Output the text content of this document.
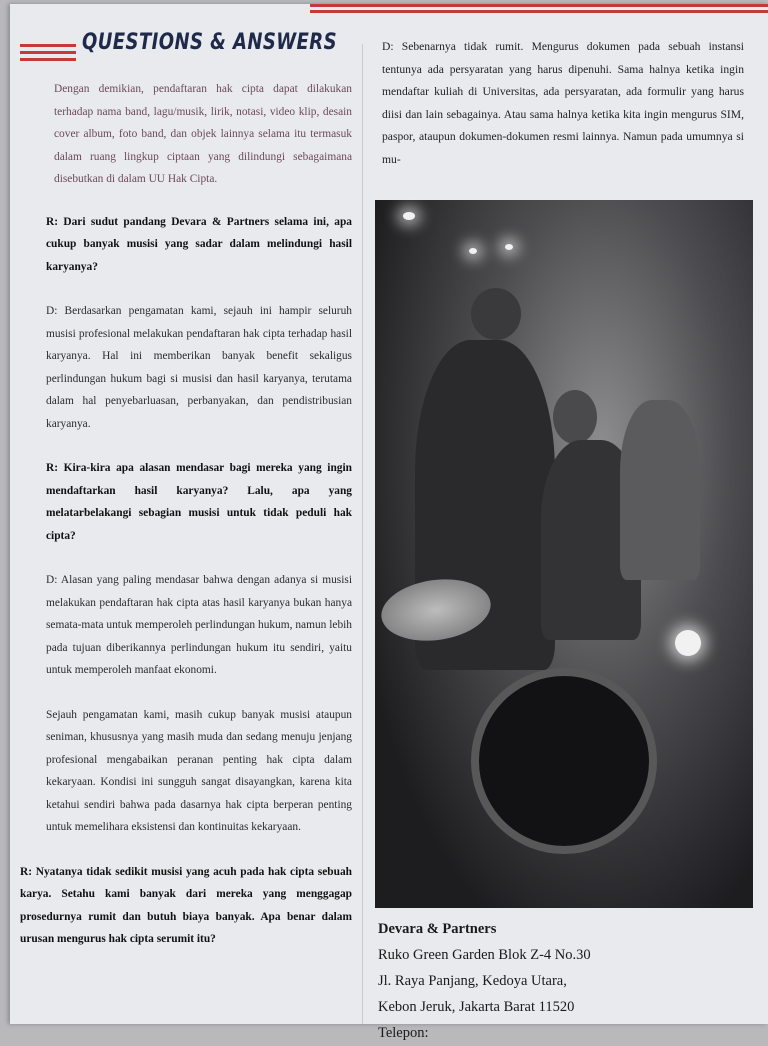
QUESTIONS & ANSWERS

Dengan demikian, pendaftaran hak cipta dapat dilakukan terhadap nama band, lagu/musik, lirik, notasi, video klip, desain cover album, foto band, dan objek lainnya selama itu termasuk dalam ruang lingkup ciptaan yang dilindungi sebagaimana disebutkan di dalam UU Hak Cipta.

R: Dari sudut pandang Devara & Partners selama ini, apa cukup banyak musisi yang sadar dalam melindungi hasil karyanya?

D: Berdasarkan pengamatan kami, sejauh ini hampir seluruh musisi profesional melakukan pendaftaran hak cipta terhadap hasil karyanya. Hal ini memberikan banyak benefit sekaligus perlindungan hukum bagi si musisi dan hasil karyanya, terutama dalam hal penyebarluasan, perbanyakan, dan pendistribusian karyanya.

R: Kira-kira apa alasan mendasar bagi mereka yang ingin mendaftarkan hasil karyanya? Lalu, apa yang melatarbelakangi sebagian musisi untuk tidak peduli hak cipta?

D: Alasan yang paling mendasar bahwa dengan adanya si musisi melakukan pendaftaran hak cipta atas hasil karyanya bukan hanya semata-mata untuk memperoleh perlindungan hukum, namun lebih pada tujuan diberikannya perlindungan hukum itu sendiri, yaitu untuk memperoleh manfaat ekonomi.

Sejauh pengamatan kami, masih cukup banyak musisi ataupun seniman, khususnya yang masih muda dan sedang menuju jenjang profesional mengabaikan peranan penting hak cipta dalam kekaryaan. Kondisi ini sungguh sangat disayangkan, karena kita ketahui sendiri bahwa pada dasarnya hak cipta berperan penting untuk memelihara eksistensi dan kontinuitas kekaryaan.

R: Nyatanya tidak sedikit musisi yang acuh pada hak cipta sebuah karya. Setahu kami banyak dari mereka yang menggagap prosedurnya rumit dan butuh biaya banyak. Apa benar dalam urusan mengurus hak cipta serumit itu?

D: Sebenarnya tidak rumit. Mengurus dokumen pada sebuah instansi tentunya ada persyaratan yang harus dipenuhi. Sama halnya ketika ingin mendaftar kuliah di Universitas, ada persyaratan, ada formulir yang harus diisi dan lain sebagainya. Atau sama halnya ketika kita ingin mengurus SIM, paspor, ataupun dokumen-dokumen resmi lainnya. Namun pada umumnya si mu-

Devara & Partners
Ruko Green Garden Blok Z-4 No.30
Jl. Raya Panjang, Kedoya Utara,
Kebon Jeruk, Jakarta Barat 11520
Telepon:
